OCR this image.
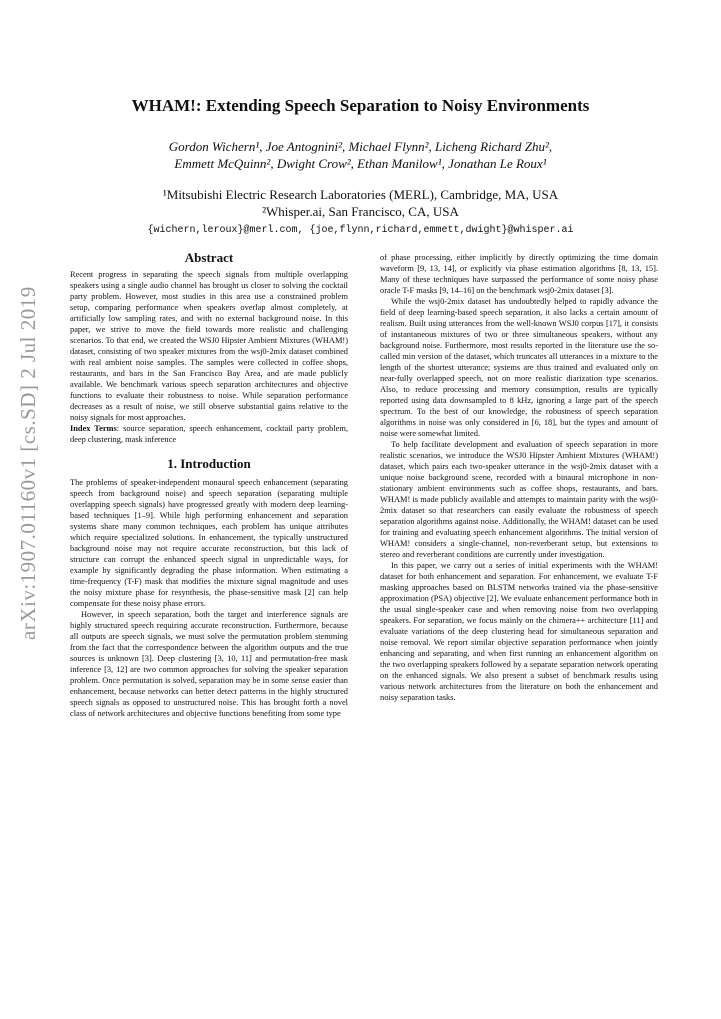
arXiv:1907.01160v1 [cs.SD] 2 Jul 2019
WHAM!: Extending Speech Separation to Noisy Environments
Gordon Wichern¹, Joe Antognini², Michael Flynn², Licheng Richard Zhu²,
Emmett McQuinn², Dwight Crow², Ethan Manilow¹, Jonathan Le Roux¹
¹Mitsubishi Electric Research Laboratories (MERL), Cambridge, MA, USA
²Whisper.ai, San Francisco, CA, USA
{wichern,leroux}@merl.com, {joe,flynn,richard,emmett,dwight}@whisper.ai
Abstract

Recent progress in separating the speech signals from multiple overlapping speakers using a single audio channel has brought us closer to solving the cocktail party problem. However, most studies in this area use a constrained problem setup, comparing performance when speakers overlap almost completely, at artificially low sampling rates, and with no external background noise. In this paper, we strive to move the field towards more realistic and challenging scenarios. To that end, we created the WSJ0 Hipster Ambient Mixtures (WHAM!) dataset, consisting of two speaker mixtures from the wsj0-2mix dataset combined with real ambient noise samples. The samples were collected in coffee shops, restaurants, and bars in the San Francisco Bay Area, and are made publicly available. We benchmark various speech separation architectures and objective functions to evaluate their robustness to noise. While separation performance decreases as a result of noise, we still observe substantial gains relative to the noisy signals for most approaches.

Index Terms: source separation, speech enhancement, cocktail party problem, deep clustering, mask inference

1. Introduction

The problems of speaker-independent monaural speech enhancement (separating speech from background noise) and speech separation (separating multiple overlapping speech signals) have progressed greatly with modern deep learning-based techniques [1–9]. While high performing enhancement and separation systems share many common techniques, each problem has unique attributes which require specialized solutions. In enhancement, the typically unstructured background noise may not require accurate reconstruction, but this lack of structure can corrupt the enhanced speech signal in unpredictable ways, for example by significantly degrading the phase information. When estimating a time-frequency (T-F) mask that modifies the mixture signal magnitude and uses the noisy mixture phase for resynthesis, the phase-sensitive mask [2] can help compensate for these noisy phase errors.

However, in speech separation, both the target and interference signals are highly structured speech requiring accurate reconstruction. Furthermore, because all outputs are speech signals, we must solve the permutation problem stemming from the fact that the correspondence between the algorithm outputs and the true sources is unknown [3]. Deep clustering [3, 10, 11] and permutation-free mask inference [3, 12] are two common approaches for solving the speaker separation problem. Once permutation is solved, separation may be in some sense easier than enhancement, because networks can better detect patterns in the highly structured speech signals as opposed to unstructured noise. This has brought forth a novel class of network architectures and objective functions benefiting from some type

of phase processing, either implicitly by directly optimizing the time domain waveform [9, 13, 14], or explicitly via phase estimation algorithms [8, 13, 15]. Many of these techniques have surpassed the performance of some noisy phase oracle T-F masks [9, 14–16] on the benchmark wsj0-2mix dataset [3].

While the wsj0-2mix dataset has undoubtedly helped to rapidly advance the field of deep learning-based speech separation, it also lacks a certain amount of realism. Built using utterances from the well-known WSJ0 corpus [17], it consists of instantaneous mixtures of two or three simultaneous speakers, without any background noise. Furthermore, most results reported in the literature use the so-called min version of the dataset, which truncates all utterances in a mixture to the length of the shortest utterance; systems are thus trained and evaluated only on near-fully overlapped speech, not on more realistic diarization type scenarios. Also, to reduce processing and memory consumption, results are typically reported using data downsampled to 8 kHz, ignoring a large part of the speech spectrum. To the best of our knowledge, the robustness of speech separation algorithms in noise was only considered in [6, 18], but the types and amount of noise were somewhat limited.

To help facilitate development and evaluation of speech separation in more realistic scenarios, we introduce the WSJ0 Hipster Ambient Mixtures (WHAM!) dataset, which pairs each two-speaker utterance in the wsj0-2mix dataset with a unique noise background scene, recorded with a binaural microphone in non-stationary ambient environments such as coffee shops, restaurants, and bars. WHAM! is made publicly available and attempts to maintain parity with the wsj0-2mix dataset so that researchers can easily evaluate the robustness of speech separation algorithms against noise. Additionally, the WHAM! dataset can be used for training and evaluating speech enhancement algorithms. The initial version of WHAM! considers a single-channel, non-reverberant setup, but extensions to stereo and reverberant conditions are currently under investigation.

In this paper, we carry out a series of initial experiments with the WHAM! dataset for both enhancement and separation. For enhancement, we evaluate T-F masking approaches based on BLSTM networks trained via the phase-sensitive approximation (PSA) objective [2]. We evaluate enhancement performance both in the usual single-speaker case and when removing noise from two overlapping speakers. For separation, we focus mainly on the chimera++ architecture [11] and evaluate variations of the deep clustering head for simultaneous separation and noise removal. We report similar objective separation performance when jointly enhancing and separating, and when first running an enhancement algorithm on the two overlapping speakers followed by a separate separation network operating on the enhanced signals. We also present a subset of benchmark results using various network architectures from the literature on both the enhancement and noisy separation tasks.
